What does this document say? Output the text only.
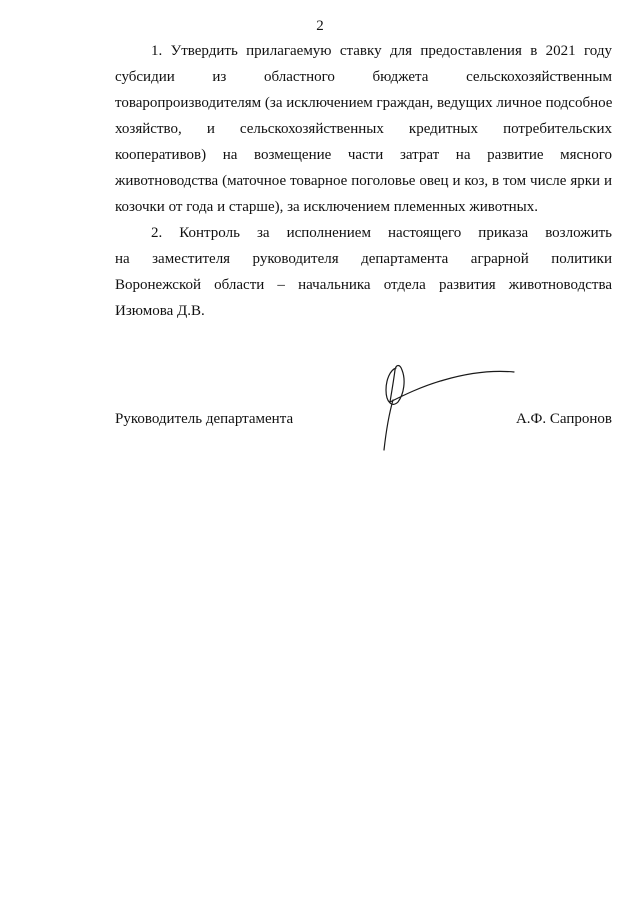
2

1. Утвердить прилагаемую ставку для предоставления в 2021 году
субсидии из областного бюджета сельскохозяйственным
товаропроизводителям (за исключением граждан, ведущих личное подсобное
хозяйство, и сельскохозяйственных кредитных потребительских
кооперативов) на возмещение части затрат на развитие мясного
животноводства (маточное товарное поголовье овец и коз, в том числе ярки и
козочки от года и старше), за исключением племенных животных.

2. Контроль за исполнением настоящего приказа возложить
на заместителя руководителя департамента аграрной политики
Воронежской области – начальника отдела развития животноводства
Изюмова Д.В.

Руководитель департамента	А.Ф. Сапронов
